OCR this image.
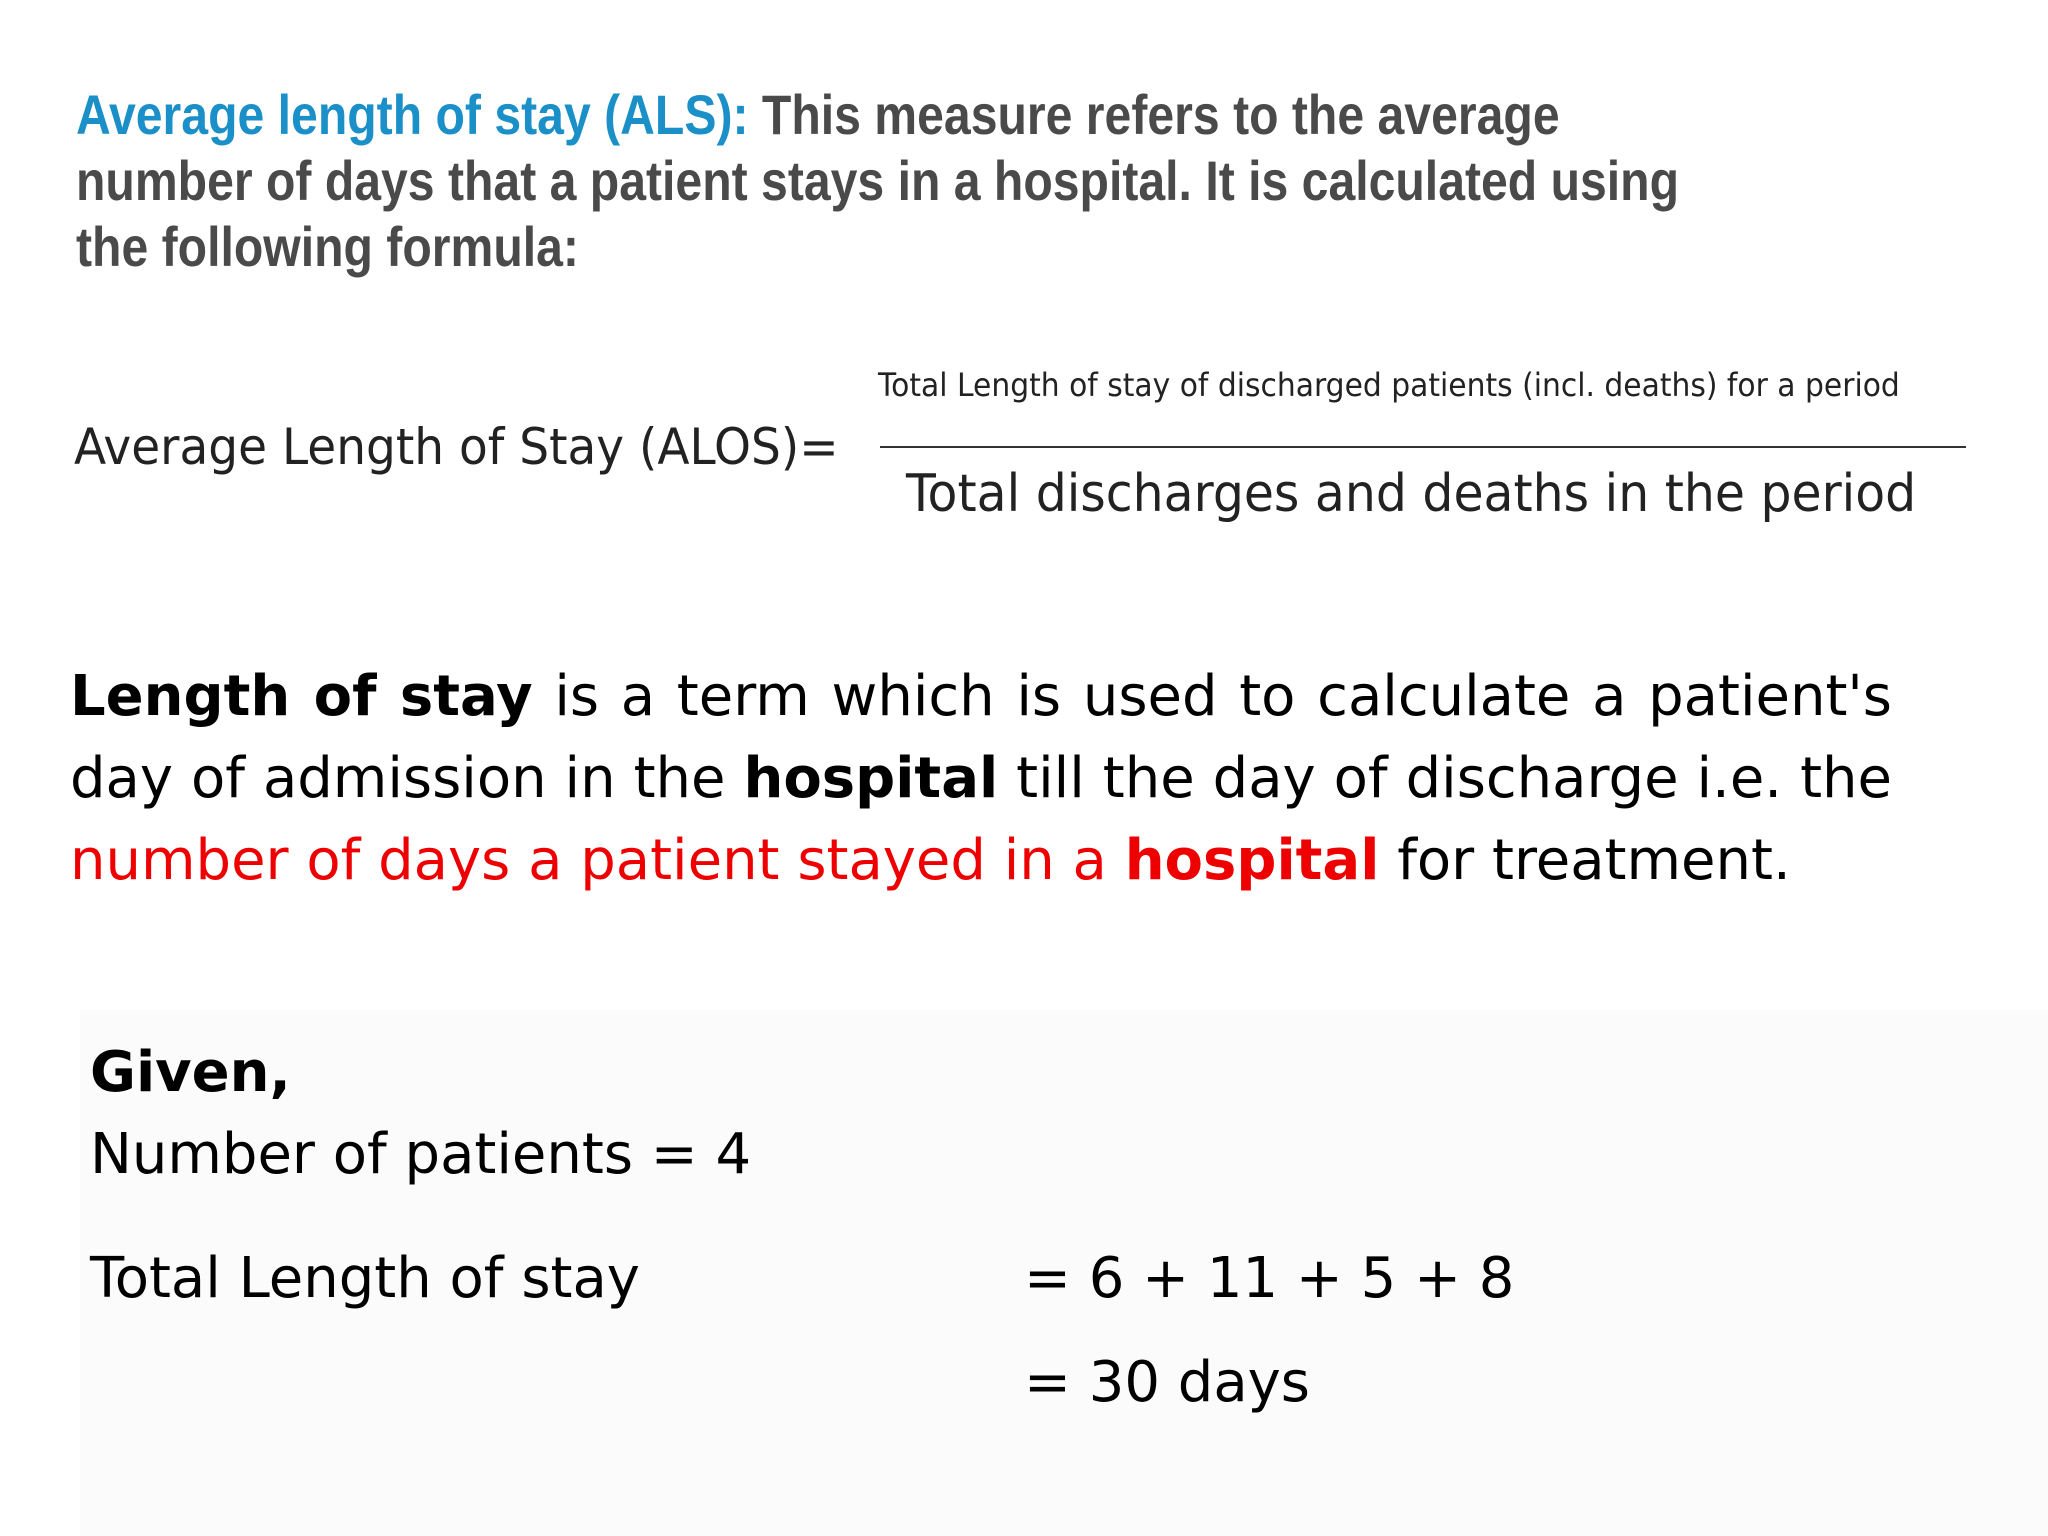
Average length of stay (ALS): This measure refers to the average number of days that a patient stays in a hospital. It is calculated using the following formula:
Average Length of Stay (ALOS)=
Total Length of stay of discharged patients (incl. deaths) for a period
Total discharges and deaths in the period
Length of stay is a term which is used to calculate a patient's day of admission in the hospital till the day of discharge i.e. the number of days a patient stayed in a hospital for treatment.
Given,
Number of patients = 4
Total Length of stay	= 6 + 11 + 5 + 8
= 30 days
